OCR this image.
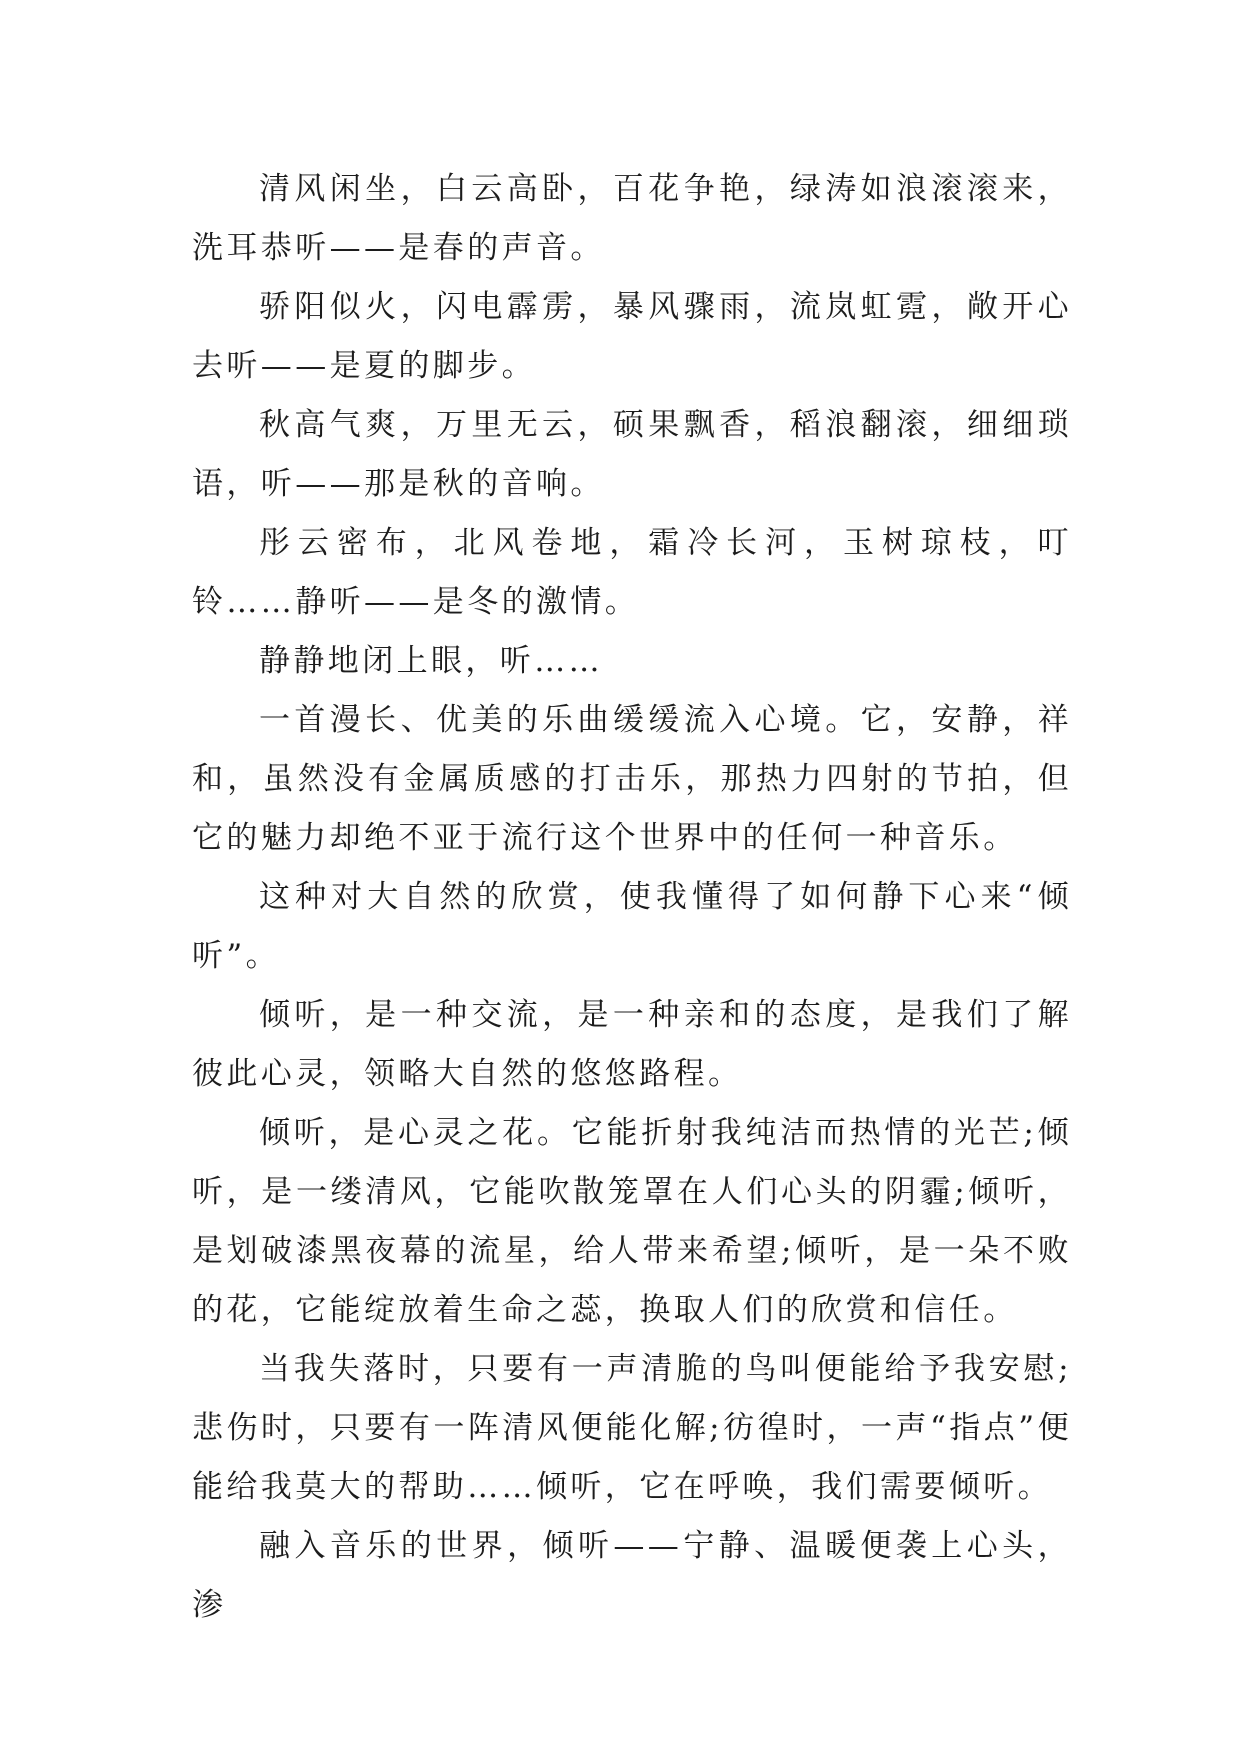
清风闲坐，白云高卧，百花争艳，绿涛如浪滚滚来，洗耳恭听——是春的声音。

骄阳似火，闪电霹雳，暴风骤雨，流岚虹霓，敞开心去听——是夏的脚步。

秋高气爽，万里无云，硕果飘香，稻浪翻滚，细细琐语，听——那是秋的音响。

彤云密布，北风卷地，霜冷长河，玉树琼枝，叮铃……静听——是冬的激情。

静静地闭上眼，听……

一首漫长、优美的乐曲缓缓流入心境。它，安静，祥和，虽然没有金属质感的打击乐，那热力四射的节拍，但它的魅力却绝不亚于流行这个世界中的任何一种音乐。

这种对大自然的欣赏，使我懂得了如何静下心来“倾听”。

倾听，是一种交流，是一种亲和的态度，是我们了解彼此心灵，领略大自然的悠悠路程。

倾听，是心灵之花。它能折射我纯洁而热情的光芒;倾听，是一缕清风，它能吹散笼罩在人们心头的阴霾;倾听，是划破漆黑夜幕的流星，给人带来希望;倾听，是一朵不败的花，它能绽放着生命之蕊，换取人们的欣赏和信任。

当我失落时，只要有一声清脆的鸟叫便能给予我安慰;悲伤时，只要有一阵清风便能化解;彷徨时，一声“指点”便能给我莫大的帮助……倾听，它在呼唤，我们需要倾听。

融入音乐的世界，倾听——宁静、温暖便袭上心头，渗
